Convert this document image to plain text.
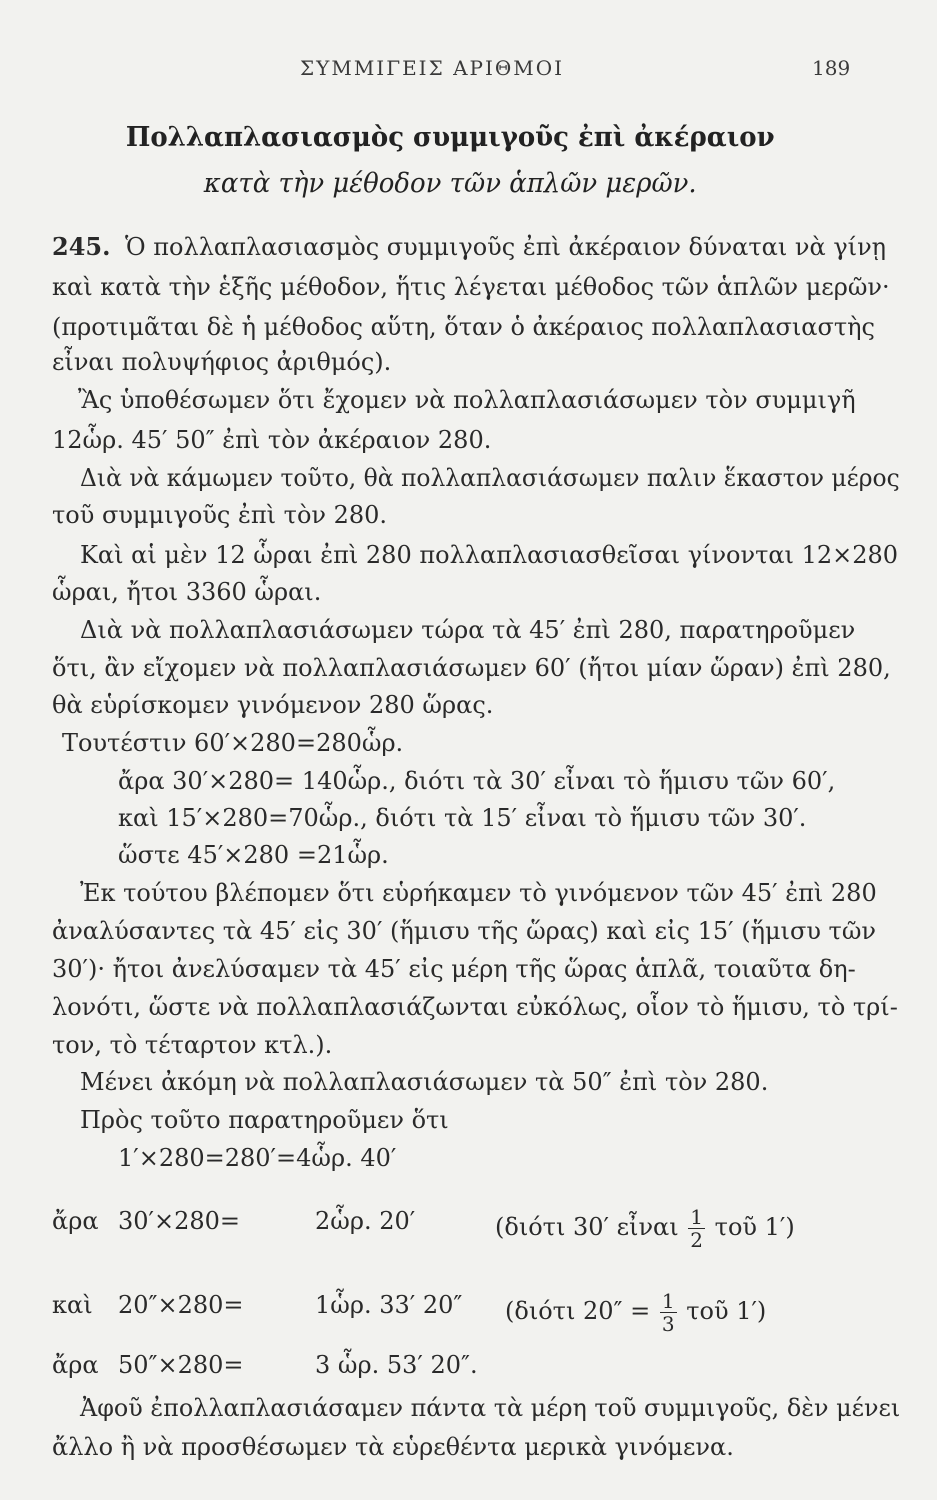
ΣΥΜΜΙΓΕΙΣ ΑΡΙΘΜΟΙ	189
Πολλαπλασιασμὸς συμμιγοῦς ἐπὶ ἀκέραιον
κατὰ τὴν μέθοδον τῶν ἁπλῶν μερῶν.
245. Ὁ πολλαπλασιασμὸς συμμιγοῦς ἐπὶ ἀκέραιον δύναται νὰ γίνῃ
καὶ κατὰ τὴν ἑξῆς μέθοδον, ἥτις λέγεται μέθοδος τῶν ἁπλῶν μερῶν·
(προτιμᾶται δὲ ἡ μέθοδος αὕτη, ὅταν ὁ ἀκέραιος πολλαπλασιαστὴς
εἶναι πολυψήφιος ἀριθμός).
Ἂς ὑποθέσωμεν ὅτι ἔχομεν νὰ πολλαπλασιάσωμεν τὸν συμμιγῆ
12ὧρ. 45′ 50″ ἐπὶ τὸν ἀκέραιον 280.
Διὰ νὰ κάμωμεν τοῦτο, θὰ πολλαπλασιάσωμεν παλιν ἕκαστον μέρος
τοῦ συμμιγοῦς ἐπὶ τὸν 280.
Καὶ αἱ μὲν 12 ὧραι ἐπὶ 280 πολλαπλασιασθεῖσαι γίνονται 12×280
ὧραι, ἤτοι 3360 ὧραι.
Διὰ νὰ πολλαπλασιάσωμεν τώρα τὰ 45′ ἐπὶ 280, παρατηροῦμεν
ὅτι, ἂν εἴχομεν νὰ πολλαπλασιάσωμεν 60′ (ἤτοι μίαν ὥραν) ἐπὶ 280,
θὰ εὑρίσκομεν γινόμενον 280 ὥρας.
Τουτέστιν 60′×280=280ὧρ.
ἄρα 30′×280= 140ὧρ., διότι τὰ 30′ εἶναι τὸ ἥμισυ τῶν 60′,
καὶ 15′×280=70ὧρ., διότι τὰ 15′ εἶναι τὸ ἥμισυ τῶν 30′.
ὥστε 45′×280 =21ὧρ.
Ἐκ τούτου βλέπομεν ὅτι εὑρήκαμεν τὸ γινόμενον τῶν 45′ ἐπὶ 280
ἀναλύσαντες τὰ 45′ εἰς 30′ (ἥμισυ τῆς ὥρας) καὶ εἰς 15′ (ἥμισυ τῶν
30′)· ἤτοι ἀνελύσαμεν τὰ 45′ εἰς μέρη τῆς ὥρας ἁπλᾶ, τοιαῦτα δη-
λονότι, ὥστε νὰ πολλαπλασιάζωνται εὐκόλως, οἷον τὸ ἥμισυ, τὸ τρί-
τον, τὸ τέταρτον κτλ.).
Μένει ἀκόμη νὰ πολλαπλασιάσωμεν τὰ 50″ ἐπὶ τὸν 280.
Πρὸς τοῦτο παρατηροῦμεν ὅτι
1′×280=280′=4ὧρ. 40′
ἄρα 30′×280=	2ὧρ. 20′	(διότι 30′ εἶναι $\frac{1}{2}$ τοῦ 1′)
καὶ 20″×280=	1ὧρ. 33′ 20″ (διότι $20'' = \frac{1}{3}$ τοῦ 1′)
ἄρα 50″×280=	3 ὧρ. 53′ 20″.
Ἀφοῦ ἐπολλαπλασιάσαμεν πάντα τὰ μέρη τοῦ συμμιγοῦς, δὲν μένει
ἄλλο ἢ νὰ προσθέσωμεν τὰ εὑρεθέντα μερικὰ γινόμενα.
